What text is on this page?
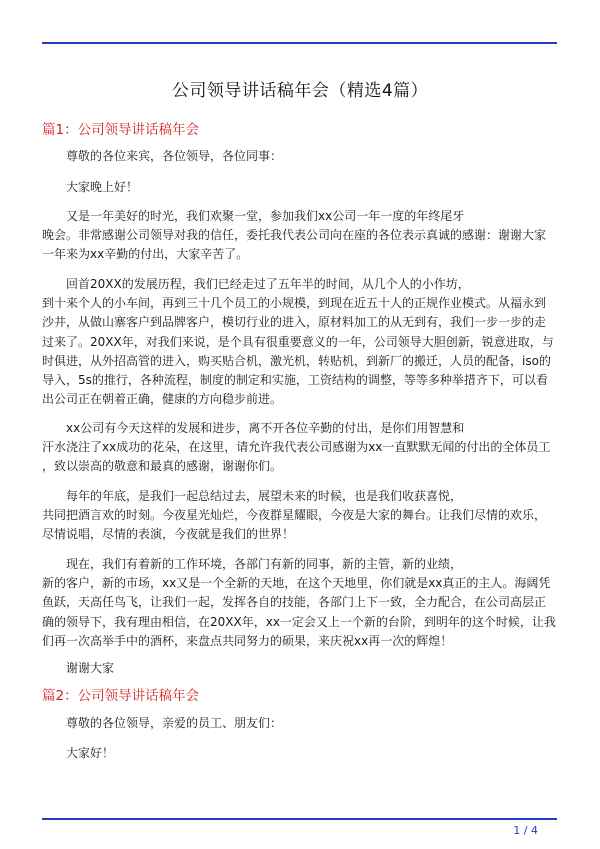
公司领导讲话稿年会（精选4篇）
篇1：公司领导讲话稿年会
尊敬的各位来宾，各位领导，各位同事：
大家晚上好！
又是一年美好的时光，我们欢聚一堂，参加我们xx公司一年一度的年终尾牙
晚会。非常感谢公司领导对我的信任，委托我代表公司向在座的各位表示真诚的感谢：谢谢大家
一年来为xx辛勤的付出，大家辛苦了。
回首20XX的发展历程，我们已经走过了五年半的时间，从几个人的小作坊，
到十来个人的小车间，再到三十几个员工的小规模，到现在近五十人的正规作业模式。从福永到
沙井，从做山寨客户到品牌客户，模切行业的进入，原材料加工的从无到有，我们一步一步的走
过来了。20XX年，对我们来说，是个具有很重要意义的一年，公司领导大胆创新，锐意进取，与
时俱进，从外招高管的进入，购买贴合机，激光机，转贴机，到新厂的搬迁，人员的配备，iso的
导入，5s的推行，各种流程，制度的制定和实施，工资结构的调整，等等多种举措齐下，可以看
出公司正在朝着正确，健康的方向稳步前进。
xx公司有今天这样的发展和进步，离不开各位辛勤的付出，是你们用智慧和
汗水浇注了xx成功的花朵，在这里，请允许我代表公司感谢为xx一直默默无闻的付出的全体员工
，致以崇高的敬意和最真的感谢，谢谢你们。
每年的年底，是我们一起总结过去，展望未来的时候，也是我们收获喜悦，
共同把酒言欢的时刻。今夜星光灿烂，今夜群星耀眼，今夜是大家的舞台。让我们尽情的欢乐，
尽情说唱，尽情的表演，今夜就是我们的世界！
现在，我们有着新的工作环境，各部门有新的同事，新的主管，新的业绩，
新的客户，新的市场，xx又是一个全新的天地，在这个天地里，你们就是xx真正的主人。海阔凭
鱼跃，天高任鸟飞，让我们一起，发挥各自的技能，各部门上下一致，全力配合，在公司高层正
确的领导下，我有理由相信，在20XX年，xx一定会又上一个新的台阶，到明年的这个时候，让我
们再一次高举手中的酒杯，来盘点共同努力的硕果，来庆祝xx再一次的辉煌！
谢谢大家
篇2：公司领导讲话稿年会
尊敬的各位领导，亲爱的员工、朋友们：
大家好！
1 / 4
